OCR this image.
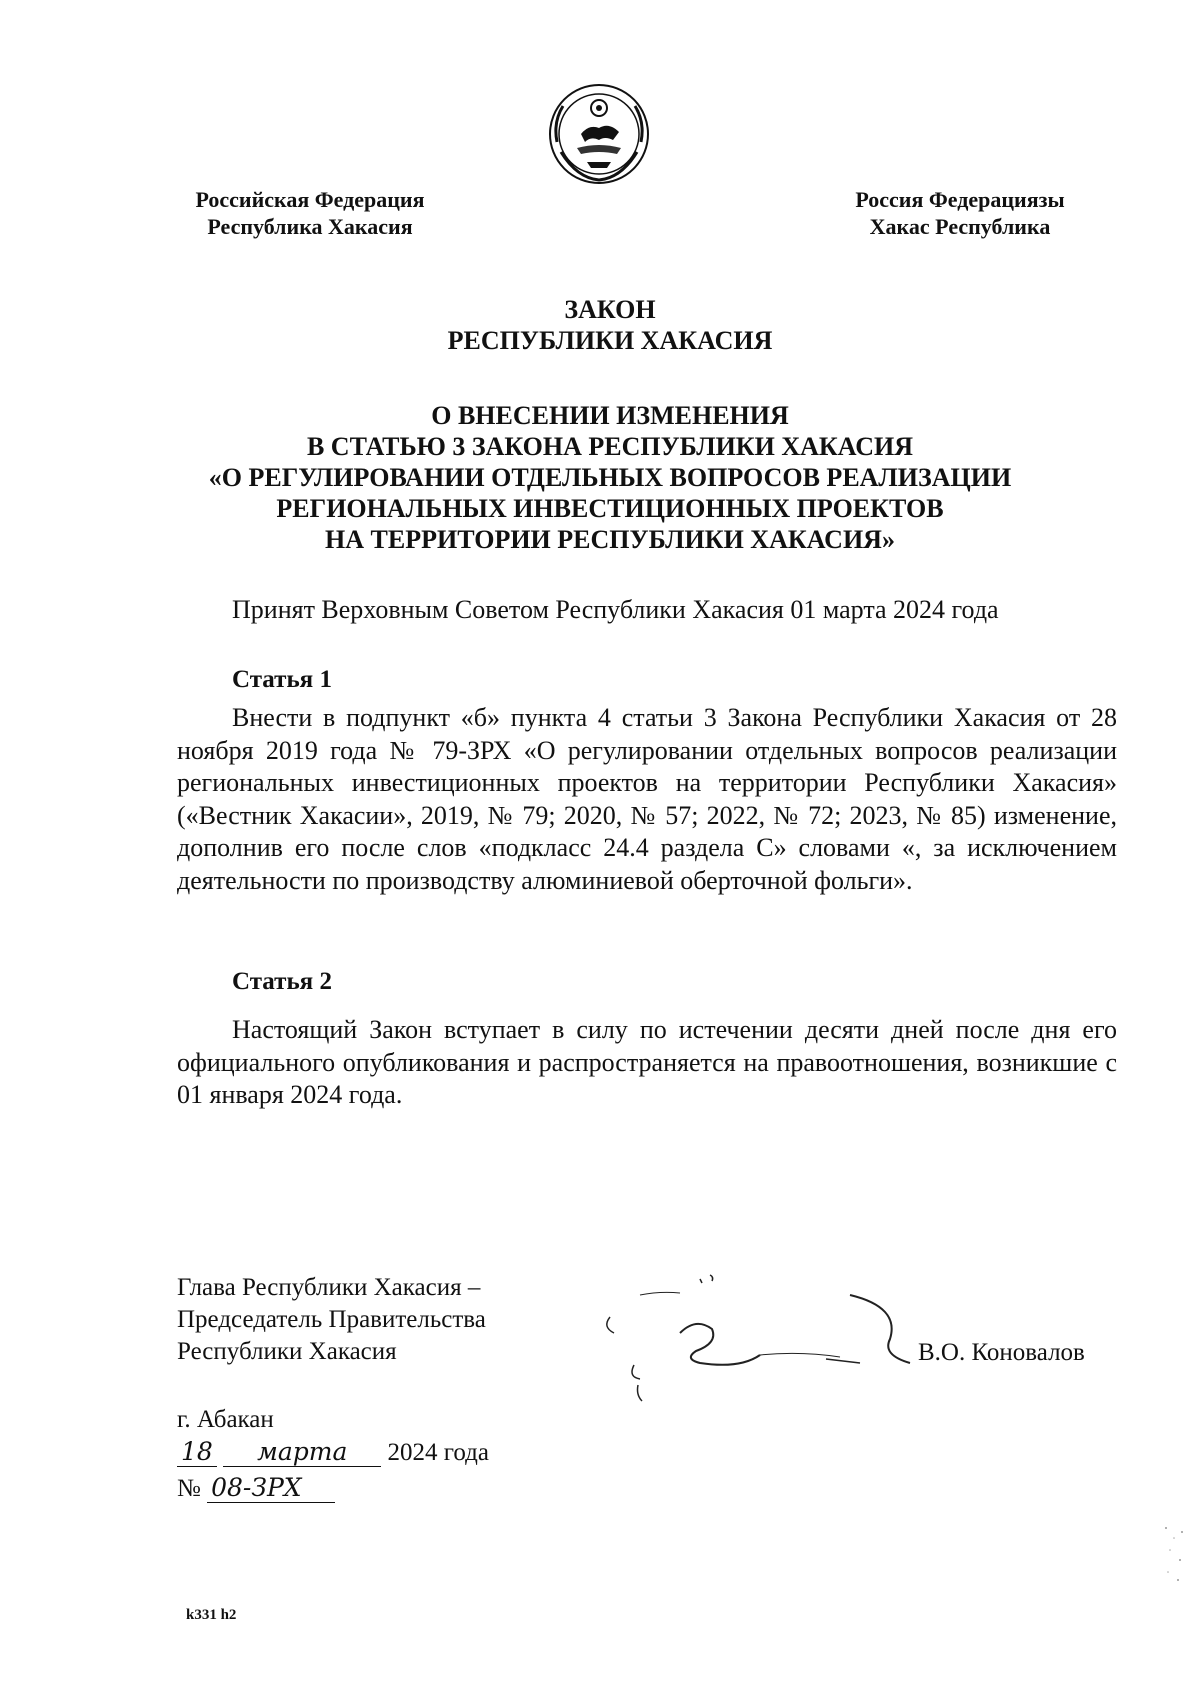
Российская Федерация
Республика Хакасия
Россия Федерациязы
Хакас Республика
ЗАКОН
РЕСПУБЛИКИ ХАКАСИЯ
О ВНЕСЕНИИ ИЗМЕНЕНИЯ
В СТАТЬЮ 3 ЗАКОНА РЕСПУБЛИКИ ХАКАСИЯ
«О РЕГУЛИРОВАНИИ ОТДЕЛЬНЫХ ВОПРОСОВ РЕАЛИЗАЦИИ
РЕГИОНАЛЬНЫХ ИНВЕСТИЦИОННЫХ ПРОЕКТОВ
НА ТЕРРИТОРИИ РЕСПУБЛИКИ ХАКАСИЯ»
Принят Верховным Советом Республики Хакасия 01 марта 2024 года
Статья 1
Внести в подпункт «б» пункта 4 статьи 3 Закона Республики Хакасия от 28 ноября 2019 года № 79-ЗРХ «О регулировании отдельных вопросов реализации региональных инвестиционных проектов на территории Республики Хакасия» («Вестник Хакасии», 2019, № 79; 2020, № 57; 2022, № 72; 2023, № 85) изменение, дополнив его после слов «подкласс 24.4 раздела С» словами «, за исключением деятельности по производству алюминиевой оберточной фольги».
Статья 2
Настоящий Закон вступает в силу по истечении десяти дней после дня его официального опубликования и распространяется на правоотношения, возникшие с 01 января 2024 года.
Глава Республики Хакасия –
Председатель Правительства
Республики Хакасия	В.О. Коновалов
г. Абакан
18 марта 2024 года
№ 08-ЗРХ
k331 h2
